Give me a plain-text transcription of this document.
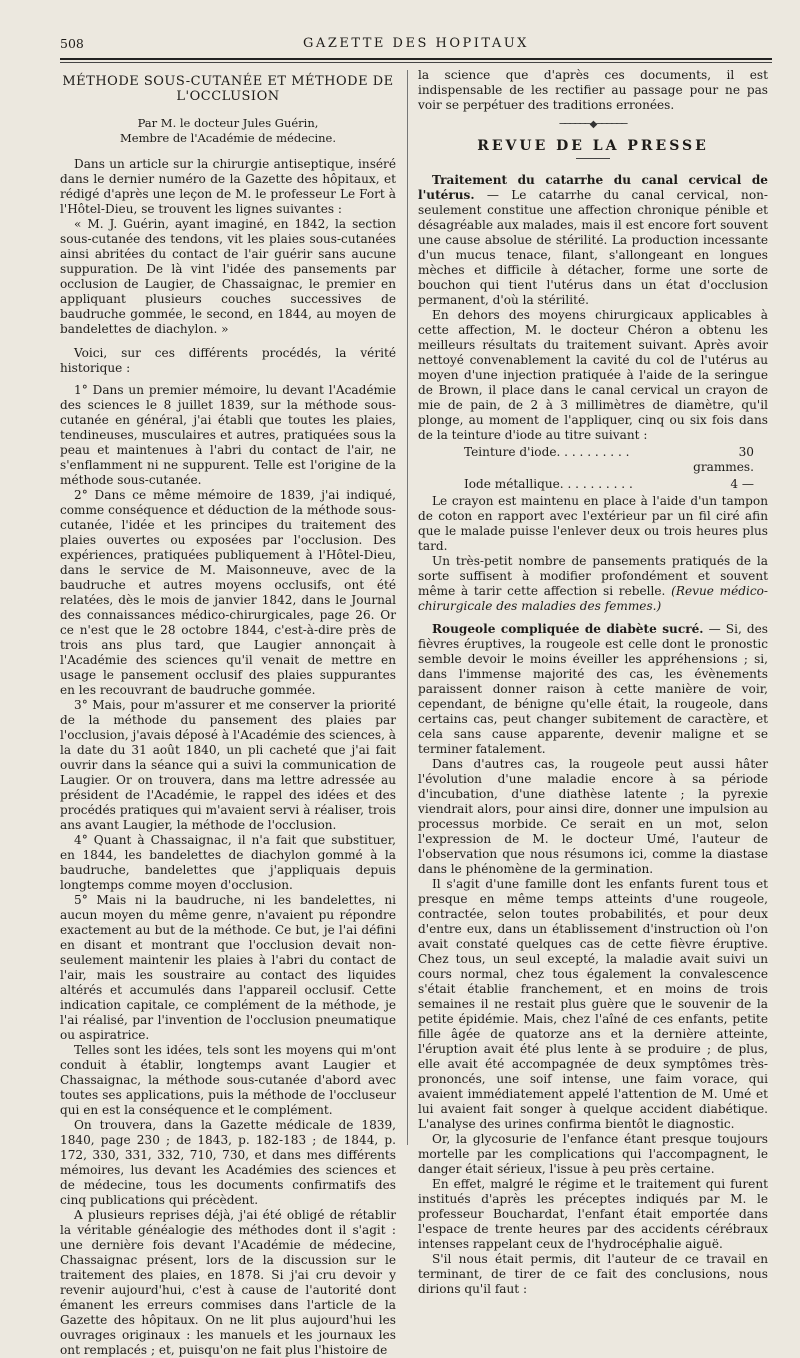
508	GAZETTE DES HOPITAUX
MÉTHODE SOUS-CUTANÉE ET MÉTHODE DE L'OCCLUSION
Par M. le docteur Jules Guérin,
Membre de l'Académie de médecine.

Dans un article sur la chirurgie antiseptique, inséré dans le dernier numéro de la Gazette des hôpitaux, et rédigé d'après une leçon de M. le professeur Le Fort à l'Hôtel-Dieu, se trouvent les lignes suivantes :

« M. J. Guérin, ayant imaginé, en 1842, la section sous-cutanée des tendons, vit les plaies sous-cutanées ainsi abritées du contact de l'air guérir sans aucune suppuration. De là vint l'idée des pansements par occlusion de Laugier, de Chassaignac, le premier en appliquant plusieurs couches successives de baudruche gommée, le second, en 1844, au moyen de bandelettes de diachylon. »

Voici, sur ces différents procédés, la vérité historique :

1° Dans un premier mémoire, lu devant l'Académie des sciences le 8 juillet 1839, sur la méthode sous-cutanée en général, j'ai établi que toutes les plaies, tendineuses, musculaires et autres, pratiquées sous la peau et maintenues à l'abri du contact de l'air, ne s'enflamment ni ne suppurent. Telle est l'origine de la méthode sous-cutanée.

2° Dans ce même mémoire de 1839, j'ai indiqué, comme conséquence et déduction de la méthode sous-cutanée, l'idée et les principes du traitement des plaies ouvertes ou exposées par l'occlusion. Des expériences, pratiquées publiquement à l'Hôtel-Dieu, dans le service de M. Maisonneuve, avec de la baudruche et autres moyens occlusifs, ont été relatées, dès le mois de janvier 1842, dans le Journal des connaissances médico-chirurgicales, page 26. Or ce n'est que le 28 octobre 1844, c'est-à-dire près de trois ans plus tard, que Laugier annonçait à l'Académie des sciences qu'il venait de mettre en usage le pansement occlusif des plaies suppurantes en les recouvrant de baudruche gommée.

3° Mais, pour m'assurer et me conserver la priorité de la méthode du pansement des plaies par l'occlusion, j'avais déposé à l'Académie des sciences, à la date du 31 août 1840, un pli cacheté que j'ai fait ouvrir dans la séance qui a suivi la communication de Laugier. Or on trouvera, dans ma lettre adressée au président de l'Académie, le rappel des idées et des procédés pratiques qui m'avaient servi à réaliser, trois ans avant Laugier, la méthode de l'occlusion.

4° Quant à Chassaignac, il n'a fait que substituer, en 1844, les bandelettes de diachylon gommé à la baudruche, bandelettes que j'appliquais depuis longtemps comme moyen d'occlusion.

5° Mais ni la baudruche, ni les bandelettes, ni aucun moyen du même genre, n'avaient pu répondre exactement au but de la méthode. Ce but, je l'ai défini en disant et montrant que l'occlusion devait non-seulement maintenir les plaies à l'abri du contact de l'air, mais les soustraire au contact des liquides altérés et accumulés dans l'appareil occlusif. Cette indication capitale, ce complément de la méthode, je l'ai réalisé, par l'invention de l'occlusion pneumatique ou aspiratrice.

Telles sont les idées, tels sont les moyens qui m'ont conduit à établir, longtemps avant Laugier et Chassaignac, la méthode sous-cutanée d'abord avec toutes ses applications, puis la méthode de l'occluseur qui en est la conséquence et le complément.

On trouvera, dans la Gazette médicale de 1839, 1840, page 230 ; de 1843, p. 182-183 ; de 1844, p. 172, 330, 331, 332, 710, 730, et dans mes différents mémoires, lus devant les Académies des sciences et de médecine, tous les documents confirmatifs des cinq publications qui précèdent.

A plusieurs reprises déjà, j'ai été obligé de rétablir la véritable généalogie des méthodes dont il s'agit : une dernière fois devant l'Académie de médecine, Chassaignac présent, lors de la discussion sur le traitement des plaies, en 1878. Si j'ai cru devoir y revenir aujourd'hui, c'est à cause de l'autorité dont émanent les erreurs commises dans l'article de la Gazette des hôpitaux. On ne lit plus aujourd'hui les ouvrages originaux : les manuels et les journaux les ont remplacés ; et, puisqu'on ne fait plus l'histoire de

la science que d'après ces documents, il est indispensable de les rectifier au passage pour ne pas voir se perpétuer des traditions erronées.

──────◆──────
REVUE DE LA PRESSE

Traitement du catarrhe du canal cervical de l'utérus. — Le catarrhe du canal cervical, non-seulement constitue une affection chronique pénible et désagréable aux malades, mais il est encore fort souvent une cause absolue de stérilité. La production incessante d'un mucus tenace, filant, s'allongeant en longues mèches et difficile à détacher, forme une sorte de bouchon qui tient l'utérus dans un état d'occlusion permanent, d'où la stérilité.

En dehors des moyens chirurgicaux applicables à cette affection, M. le docteur Chéron a obtenu les meilleurs résultats du traitement suivant. Après avoir nettoyé convenablement la cavité du col de l'utérus au moyen d'une injection pratiquée à l'aide de la seringue de Brown, il place dans le canal cervical un crayon de mie de pain, de 2 à 3 millimètres de diamètre, qu'il plonge, au moment de l'appliquer, cinq ou six fois dans de la teinture d'iode au titre suivant :

Teinture d'iode. . . . . . . . . .	30 grammes.
Iode métallique. . . . . . . . . .	4 —

Le crayon est maintenu en place à l'aide d'un tampon de coton en rapport avec l'extérieur par un fil ciré afin que le malade puisse l'enlever deux ou trois heures plus tard.

Un très-petit nombre de pansements pratiqués de la sorte suffisent à modifier profondément et souvent même à tarir cette affection si rebelle. (Revue médico-chirurgicale des maladies des femmes.)

Rougeole compliquée de diabète sucré. — Si, des fièvres éruptives, la rougeole est celle dont le pronostic semble devoir le moins éveiller les appréhensions ; si, dans l'immense majorité des cas, les évènements paraissent donner raison à cette manière de voir, cependant, de bénigne qu'elle était, la rougeole, dans certains cas, peut changer subitement de caractère, et cela sans cause apparente, devenir maligne et se terminer fatalement.

Dans d'autres cas, la rougeole peut aussi hâter l'évolution d'une maladie encore à sa période d'incubation, d'une diathèse latente ; la pyrexie viendrait alors, pour ainsi dire, donner une impulsion au processus morbide. Ce serait en un mot, selon l'expression de M. le docteur Umé, l'auteur de l'observation que nous résumons ici, comme la diastase dans le phénomène de la germination.

Il s'agit d'une famille dont les enfants furent tous et presque en même temps atteints d'une rougeole, contractée, selon toutes probabilités, et pour deux d'entre eux, dans un établissement d'instruction où l'on avait constaté quelques cas de cette fièvre éruptive. Chez tous, un seul excepté, la maladie avait suivi un cours normal, chez tous également la convalescence s'était établie franchement, et en moins de trois semaines il ne restait plus guère que le souvenir de la petite épidémie. Mais, chez l'aîné de ces enfants, petite fille âgée de quatorze ans et la dernière atteinte, l'éruption avait été plus lente à se produire ; de plus, elle avait été accompagnée de deux symptômes très-prononcés, une soif intense, une faim vorace, qui avaient immédiatement appelé l'attention de M. Umé et lui avaient fait songer à quelque accident diabétique. L'analyse des urines confirma bientôt le diagnostic.

Or, la glycosurie de l'enfance étant presque toujours mortelle par les complications qui l'accompagnent, le danger était sérieux, l'issue à peu près certaine.

En effet, malgré le régime et le traitement qui furent institués d'après les préceptes indiqués par M. le professeur Bouchardat, l'enfant était emportée dans l'espace de trente heures par des accidents cérébraux intenses rappelant ceux de l'hydrocéphalie aiguë.

S'il nous était permis, dit l'auteur de ce travail en terminant, de tirer de ce fait des conclusions, nous dirions qu'il faut :
